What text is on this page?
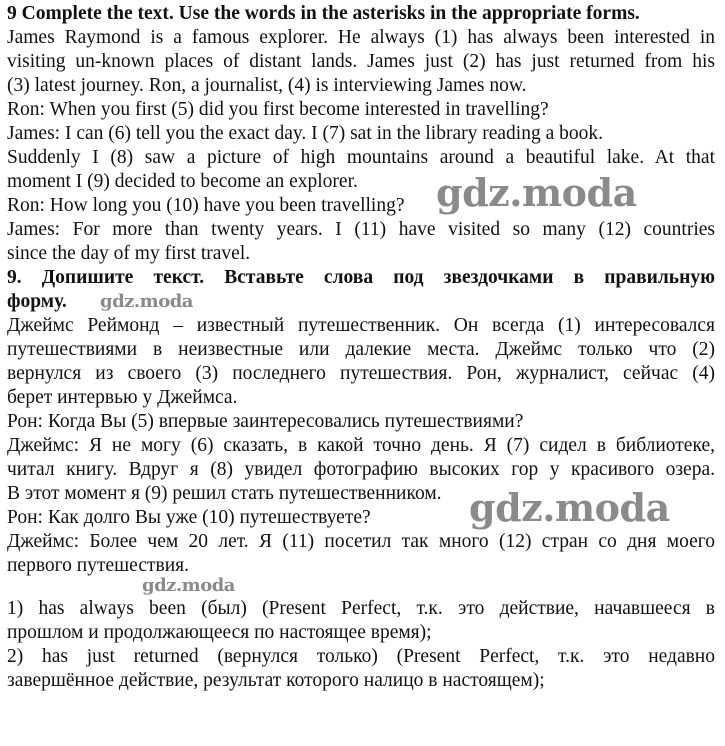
9 Complete the text. Use the words in the asterisks in the appropriate forms.
James Raymond is a famous explorer. He always (1) has always been interested in
visiting un-known places of distant lands. James just (2) has just returned from his
(3) latest journey. Ron, a journalist, (4) is interviewing James now.
Ron: When you first (5) did you first become interested in travelling?
James: I can (6) tell you the exact day. I (7) sat in the library reading a book.
Suddenly I (8) saw a picture of high mountains around a beautiful lake. At that
moment I (9) decided to become an explorer.
Ron: How long you (10) have you been travelling?
James: For more than twenty years. I (11) have visited so many (12) countries
since the day of my first travel.
9. Допишите текст. Вставьте слова под звездочками в правильную
форму.
Джеймс Реймонд – известный путешественник. Он всегда (1) интересовался
путешествиями в неизвестные или далекие места. Джеймс только что (2)
вернулся из своего (3) последнего путешествия. Рон, журналист, сейчас (4)
берет интервью у Джеймса.
Рон: Когда Вы (5) впервые заинтересовались путешествиями?
Джеймс: Я не могу (6) сказать, в какой точно день. Я (7) сидел в библиотеке,
читал книгу. Вдруг я (8) увидел фотографию высоких гор у красивого озера.
В этот момент я (9) решил стать путешественником.
Рон: Как долго Вы уже (10) путешествуете?
Джеймс: Более чем 20 лет. Я (11) посетил так много (12) стран со дня моего
первого путешествия.
1) has always been (был) (Present Perfect, т.к. это действие, начавшееся в
прошлом и продолжающееся по настоящее время);
2) has just returned (вернулся только) (Present Perfect, т.к. это недавно
завершённое действие, результат которого налицо в настоящем);
gdz.moda
gdz.moda
gdz.moda
gdz.moda
